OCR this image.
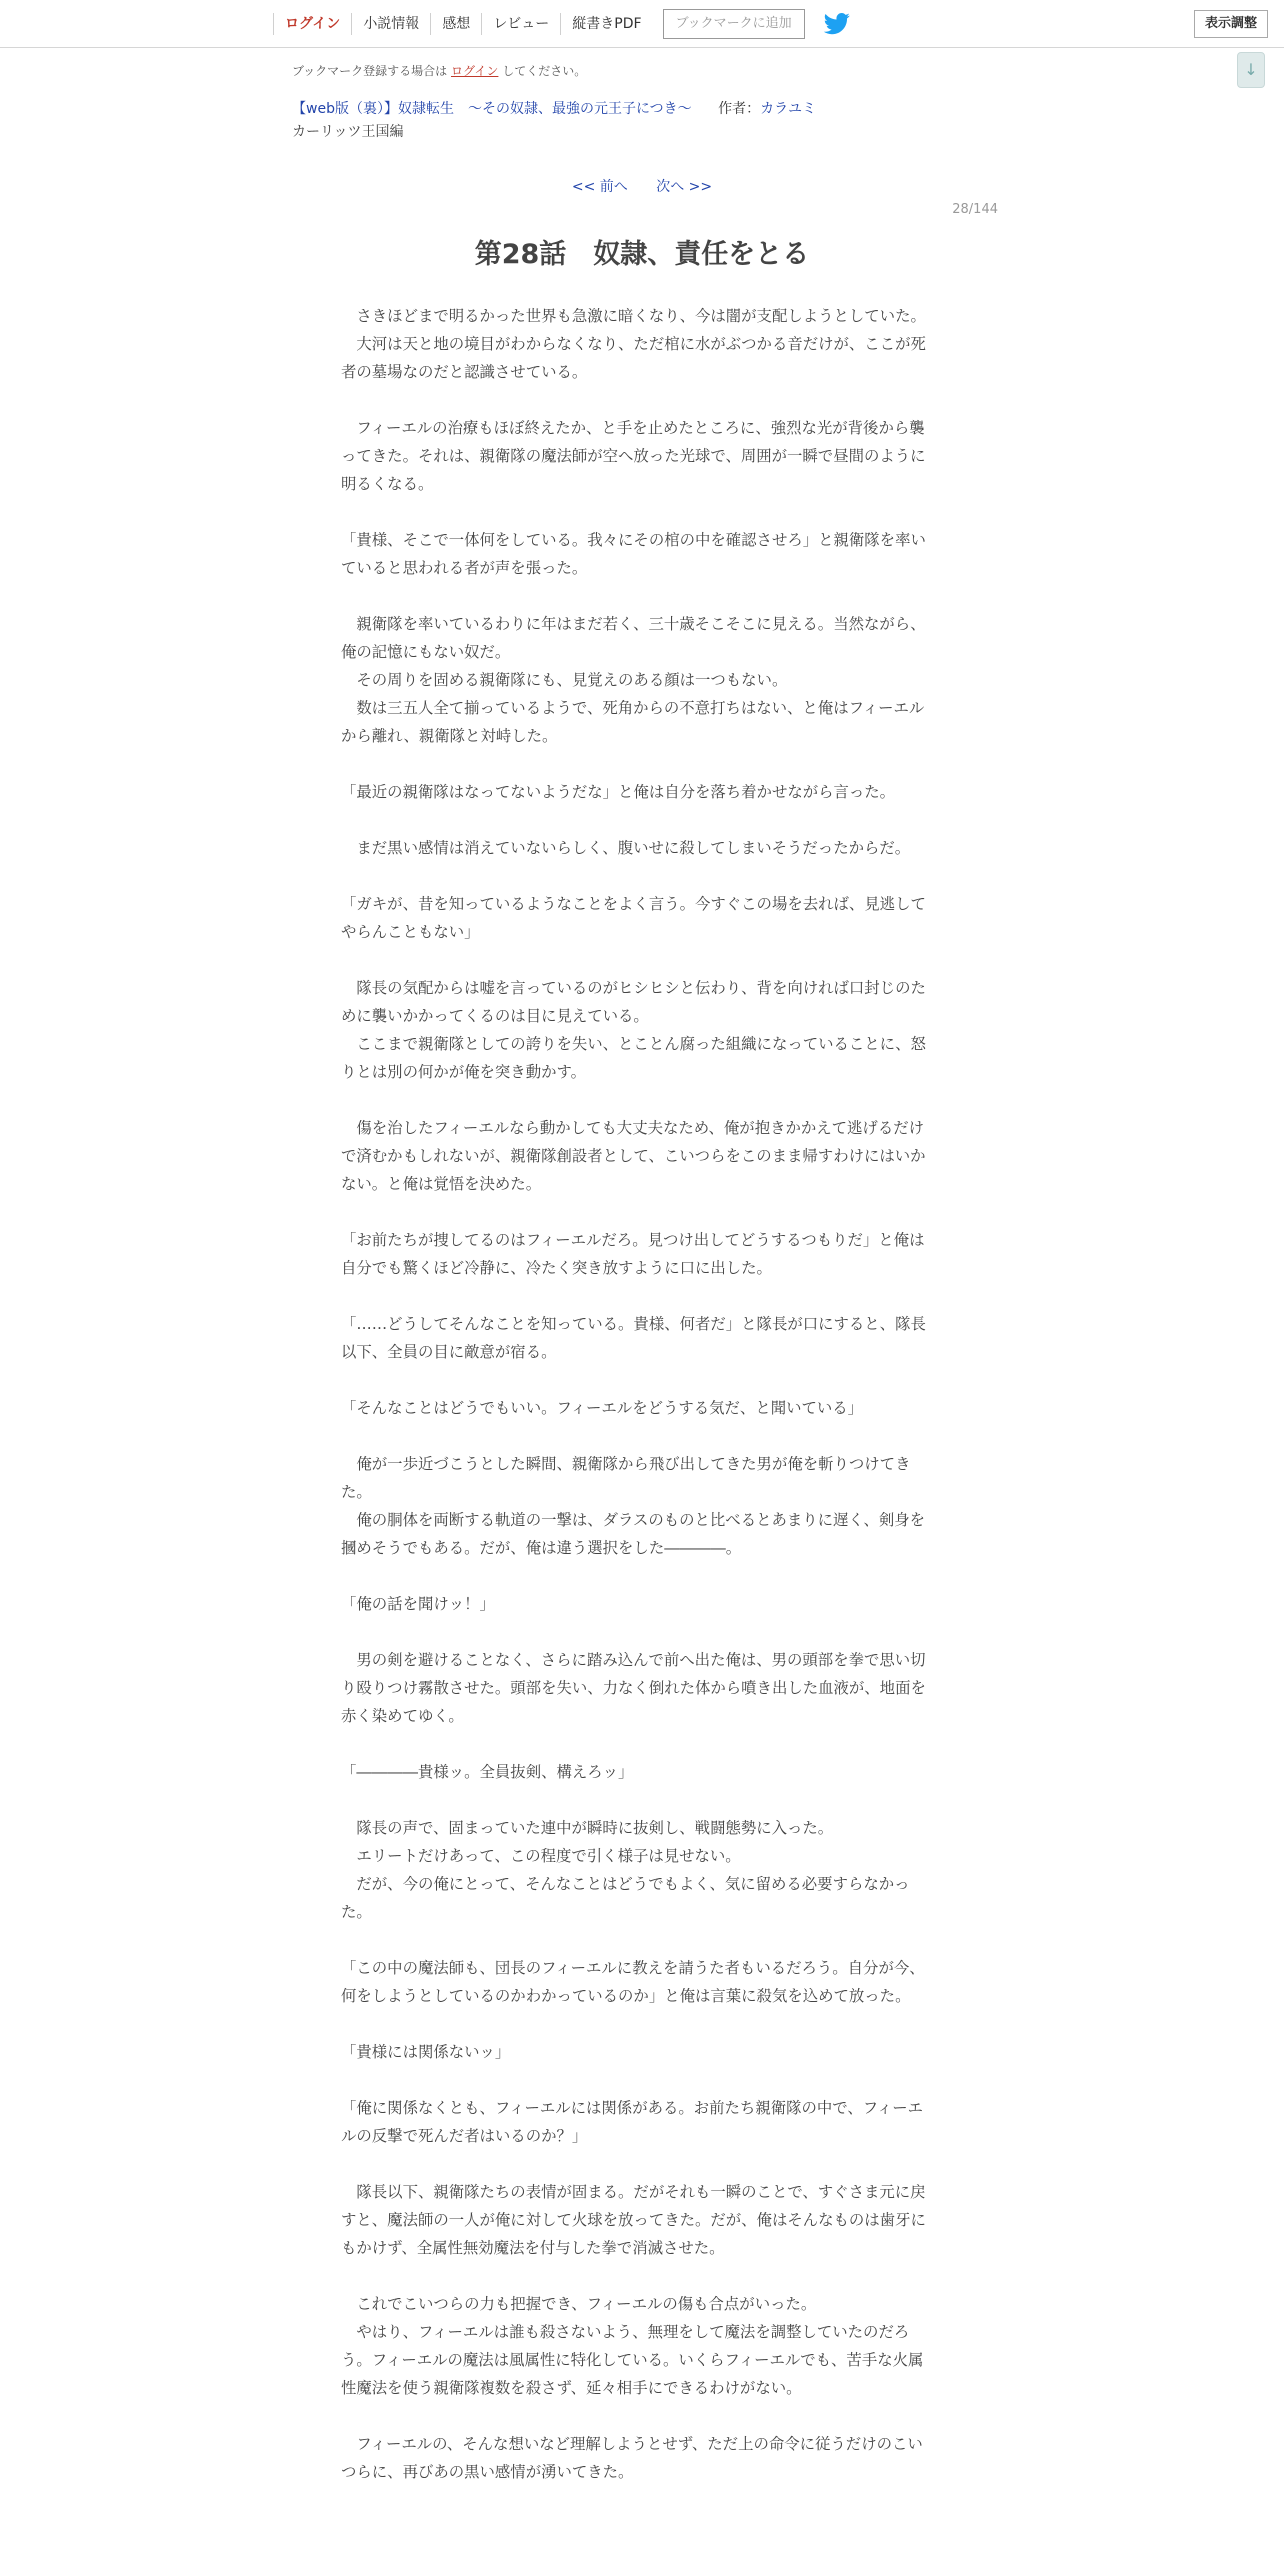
ログイン	小説情報	感想	レビュー	縦書きPDF	ブックマークに追加	表示調整
↓
ブックマーク登録する場合は ログイン してください。
【web版（裏）】奴隷転生　～その奴隷、最強の元王子につき～ 作者：カラユミ
カーリッツ王国編
<< 前へ 次へ >>
28/144
第28話　奴隷、責任をとる

　さきほどまで明るかった世界も急激に暗くなり、今は闇が支配しようとしていた。

　大河は天と地の境目がわからなくなり、ただ棺に水がぶつかる音だけが、ここが死者の墓場なのだと認識させている。

　フィーエルの治療もほぼ終えたか、と手を止めたところに、強烈な光が背後から襲ってきた。それは、親衛隊の魔法師が空へ放った光球で、周囲が一瞬で昼間のように明るくなる。

「貴様、そこで一体何をしている。我々にその棺の中を確認させろ」と親衛隊を率いていると思われる者が声を張った。

　親衛隊を率いているわりに年はまだ若く、三十歳そこそこに見える。当然ながら、俺の記憶にもない奴だ。

　その周りを固める親衛隊にも、見覚えのある顔は一つもない。

　数は三五人全て揃っているようで、死角からの不意打ちはない、と俺はフィーエルから離れ、親衛隊と対峙した。

「最近の親衛隊はなってないようだな」と俺は自分を落ち着かせながら言った。

　まだ黒い感情は消えていないらしく、腹いせに殺してしまいそうだったからだ。

「ガキが、昔を知っているようなことをよく言う。今すぐこの場を去れば、見逃してやらんこともない」

　隊長の気配からは嘘を言っているのがヒシヒシと伝わり、背を向ければ口封じのために襲いかかってくるのは目に見えている。

　ここまで親衛隊としての誇りを失い、とことん腐った組織になっていることに、怒りとは別の何かが俺を突き動かす。

　傷を治したフィーエルなら動かしても大丈夫なため、俺が抱きかかえて逃げるだけで済むかもしれないが、親衛隊創設者として、こいつらをこのまま帰すわけにはいかない。と俺は覚悟を決めた。

「お前たちが捜してるのはフィーエルだろ。見つけ出してどうするつもりだ」と俺は自分でも驚くほど冷静に、冷たく突き放すように口に出した。

「……どうしてそんなことを知っている。貴様、何者だ」と隊長が口にすると、隊長以下、全員の目に敵意が宿る。

「そんなことはどうでもいい。フィーエルをどうする気だ、と聞いている」

　俺が一歩近づこうとした瞬間、親衛隊から飛び出してきた男が俺を斬りつけてきた。

　俺の胴体を両断する軌道の一撃は、ダラスのものと比べるとあまりに遅く、剣身を摑めそうでもある。だが、俺は違う選択をした――――。

「俺の話を聞けッ！」

　男の剣を避けることなく、さらに踏み込んで前へ出た俺は、男の頭部を拳で思い切り殴りつけ霧散させた。頭部を失い、力なく倒れた体から噴き出した血液が、地面を赤く染めてゆく。

「――――貴様ッ。全員抜剣、構えろッ」

　隊長の声で、固まっていた連中が瞬時に抜剣し、戦闘態勢に入った。

　エリートだけあって、この程度で引く様子は見せない。

　だが、今の俺にとって、そんなことはどうでもよく、気に留める必要すらなかった。

「この中の魔法師も、団長のフィーエルに教えを請うた者もいるだろう。自分が今、何をしようとしているのかわかっているのか」と俺は言葉に殺気を込めて放った。

「貴様には関係ないッ」

「俺に関係なくとも、フィーエルには関係がある。お前たち親衛隊の中で、フィーエルの反撃で死んだ者はいるのか？」

　隊長以下、親衛隊たちの表情が固まる。だがそれも一瞬のことで、すぐさま元に戻すと、魔法師の一人が俺に対して火球を放ってきた。だが、俺はそんなものは歯牙にもかけず、全属性無効魔法を付与した拳で消滅させた。

　これでこいつらの力も把握でき、フィーエルの傷も合点がいった。

　やはり、フィーエルは誰も殺さないよう、無理をして魔法を調整していたのだろう。フィーエルの魔法は風属性に特化している。いくらフィーエルでも、苦手な火属性魔法を使う親衛隊複数を殺さず、延々相手にできるわけがない。

　フィーエルの、そんな想いなど理解しようとせず、ただ上の命令に従うだけのこいつらに、再びあの黒い感情が湧いてきた。
